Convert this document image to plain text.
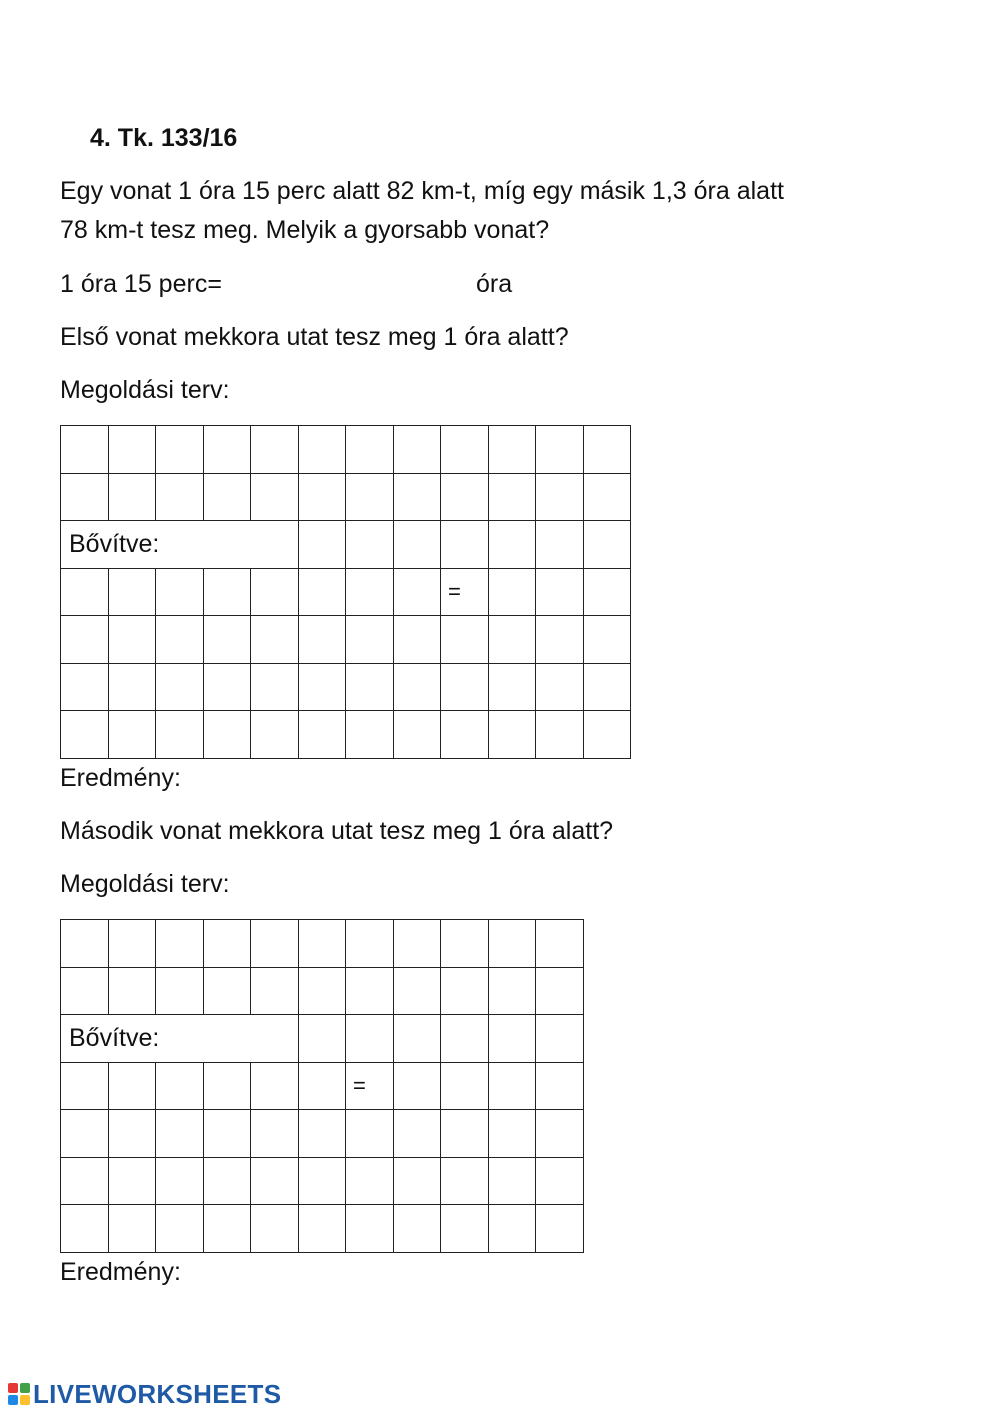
4. Tk. 133/16
Egy vonat 1 óra 15 perc alatt 82 km-t, míg egy másik 1,3 óra alatt
78 km-t tesz meg. Melyik a gyorsabb vonat?
1 óra 15 perc=	óra
Első vonat mekkora utat tesz meg 1 óra alatt?
Megoldási terv:

Bővítve:											
								=			

Eredmény:
Második vonat mekkora utat tesz meg 1 óra alatt?
Megoldási terv:

Bővítve:										
						=				

Eredmény:
LIVEWORKSHEETS
